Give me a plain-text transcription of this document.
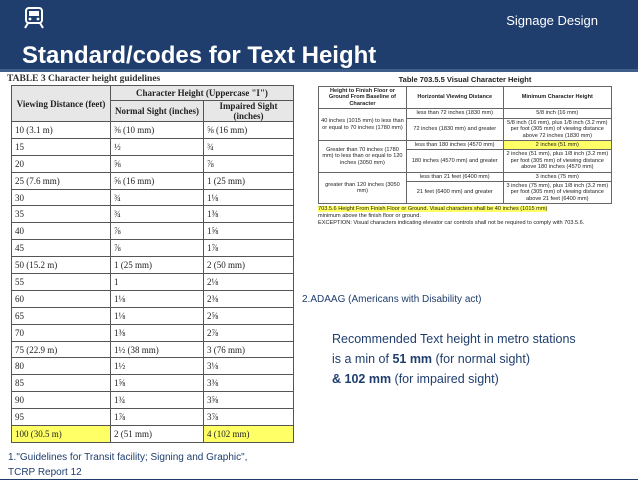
Signage Design
Standard/codes for Text Height
TABLE 3 Character height guidelines
Viewing Distance (feet)	Character Height (Uppercase "I")	
	Normal Sight (inches)	Impaired Sight (inches)
10 (3.1 m)	⅜ (10 mm)	⅝ (16 mm)
15	½	¾
20	⅝	⅞
25 (7.6 mm)	⅝ (16 mm)	1 (25 mm)
30	¾	1⅛
35	¾	1⅜
40	⅞	1⅝
45	⅞	1⅞
50 (15.2 m)	1 (25 mm)	2 (50 mm)
55	1	2⅛
60	1⅛	2⅜
65	1⅛	2⅝
70	1⅜	2⅞
75 (22.9 m)	1½ (38 mm)	3 (76 mm)
80	1½	3⅛
85	1⅝	3⅜
90	1¾	3⅝
95	1⅞	3⅞
100 (30.5 m)	2 (51 mm)	4 (102 mm)
Table 703.5.5 Visual Character Height
Height to Finish Floor or Ground From Baseline of Character	Horizontal Viewing Distance	Minimum Character Height
40 inches (1015 mm) to less than or equal to 70 inches (1780 mm)	less than 72 inches (1830 mm)	5/8 inch (16 mm)
	72 inches (1830 mm) and greater	5/8 inch (16 mm), plus 1/8 inch (3.2 mm) per foot (305 mm) of viewing distance above 72 inches (1830 mm)
Greater than 70 inches (1780 mm) to less than or equal to 120 inches (3050 mm)	less than 180 inches (4570 mm)	2 inches (51 mm)
	180 inches (4570 mm) and greater	2 inches (51 mm), plus 1/8 inch (3.2 mm) per foot (305 mm) of viewing distance above 180 inches (4570 mm)
greater than 120 inches (3050 mm)	less than 21 feet (6400 mm)	3 inches (75 mm)
	21 feet (6400 mm) and greater	3 inches (75 mm), plus 1/8 inch (3.2 mm) per foot (305 mm) of viewing distance above 21 feet (6400 mm)
703.5.6 Height From Finish Floor or Ground. Visual characters shall be 40 inches (1015 mm)
minimum above the finish floor or ground.
EXCEPTION: Visual characters indicating elevator car controls shall not be required to comply with 703.5.6.
2.ADAAG (Americans with Disability act)

Recommended Text height in metro stations
is a min of 51 mm (for normal sight)
& 102 mm (for impaired sight)

1."Guidelines for Transit facility; Signing and Graphic",
TCRP Report 12
